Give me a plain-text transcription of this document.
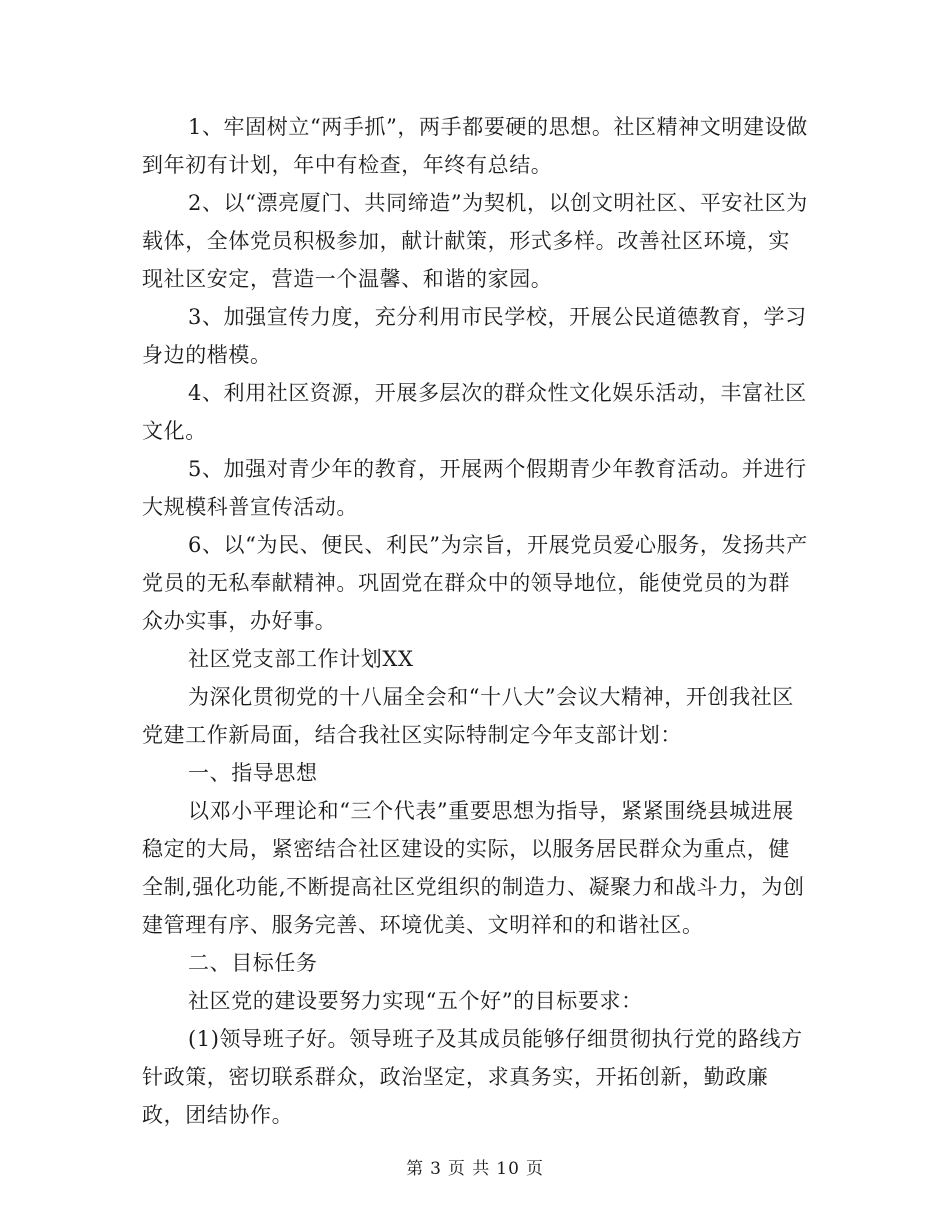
1、牢固树立“两手抓”，两手都要硬的思想。社区精神文明建设做到年初有计划，年中有检查，年终有总结。

2、以“漂亮厦门、共同缔造”为契机，以创文明社区、平安社区为载体，全体党员积极参加，献计献策，形式多样。改善社区环境，实现社区安定，营造一个温馨、和谐的家园。

3、加强宣传力度，充分利用市民学校，开展公民道德教育，学习身边的楷模。

4、利用社区资源，开展多层次的群众性文化娱乐活动，丰富社区文化。

5、加强对青少年的教育，开展两个假期青少年教育活动。并进行大规模科普宣传活动。

6、以“为民、便民、利民”为宗旨，开展党员爱心服务，发扬共产党员的无私奉献精神。巩固党在群众中的领导地位，能使党员的为群众办实事，办好事。

社区党支部工作计划XX

为深化贯彻党的十八届全会和“十八大”会议大精神，开创我社区党建工作新局面，结合我社区实际特制定今年支部计划：

一、指导思想

以邓小平理论和“三个代表”重要思想为指导，紧紧围绕县城进展稳定的大局，紧密结合社区建设的实际，以服务居民群众为重点，健全制,强化功能,不断提高社区党组织的制造力、凝聚力和战斗力，为创建管理有序、服务完善、环境优美、文明祥和的和谐社区。

二、目标任务

社区党的建设要努力实现“五个好”的目标要求：

(1)领导班子好。领导班子及其成员能够仔细贯彻执行党的路线方针政策，密切联系群众，政治坚定，求真务实，开拓创新，勤政廉政，团结协作。

第 3 页 共 10 页
